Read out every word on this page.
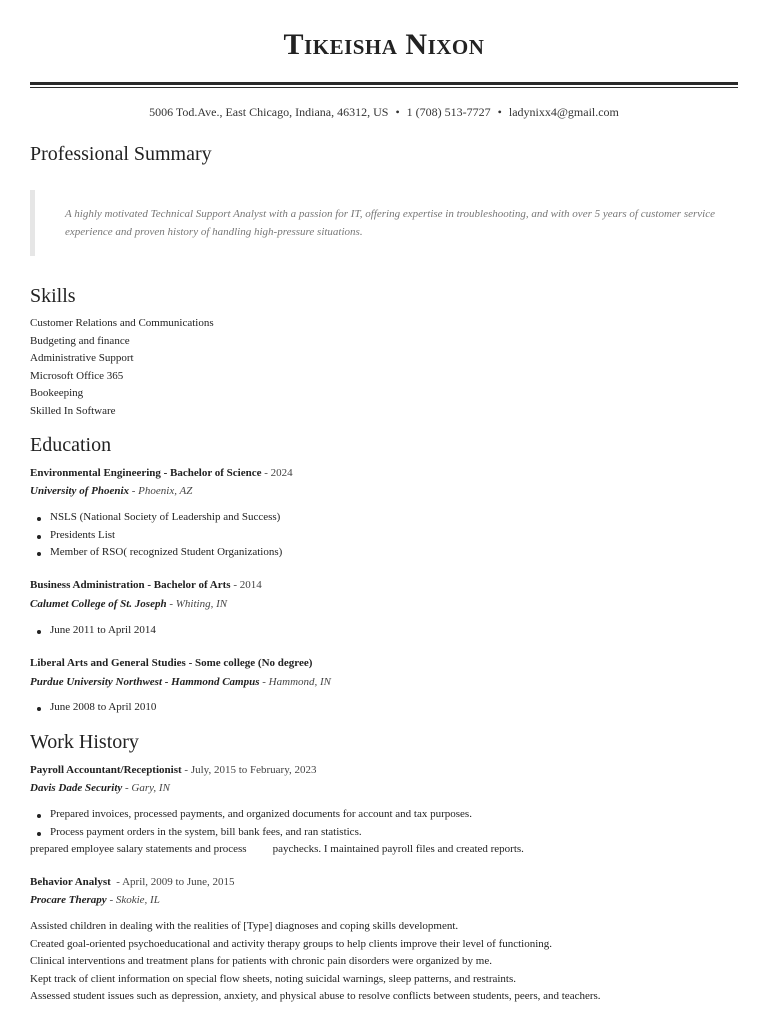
Tikeisha Nixon
5006 Tod.Ave., East Chicago, Indiana, 46312, US • 1 (708) 513-7727 • ladynixx4@gmail.com
Professional Summary

A highly motivated Technical Support Analyst with a passion for IT, offering expertise in troubleshooting, and with over 5 years of customer service experience and proven history of handling high-pressure situations.

Skills
Customer Relations and Communications
Budgeting and finance
Administrative Support
Microsoft Office 365
Bookeeping
Skilled In Software
Education
Environmental Engineering - Bachelor of Science - 2024
University of Phoenix - Phoenix, AZ
NSLS (National Society of Leadership and Success)
Presidents List
Member of RSO( recognized Student Organizations)
Business Administration - Bachelor of Arts - 2014
Calumet College of St. Joseph - Whiting, IN
June 2011 to April 2014
Liberal Arts and General Studies - Some college (No degree)
Purdue University Northwest - Hammond Campus - Hammond, IN
June 2008 to April 2010
Work History
Payroll Accountant/Receptionist - July, 2015 to February, 2023
Davis Dade Security - Gary, IN
Prepared invoices, processed payments, and organized documents for account and tax purposes.
Process payment orders in the system, bill bank fees, and ran statistics.
prepared employee salary statements and process paychecks. I maintained payroll files and created reports.
Behavior Analyst  - April, 2009 to June, 2015
Procare Therapy - Skokie, IL
Assisted children in dealing with the realities of [Type] diagnoses and coping skills development.
Created goal-oriented psychoeducational and activity therapy groups to help clients improve their level of functioning.
Clinical interventions and treatment plans for patients with chronic pain disorders were organized by me.
Kept track of client information on special flow sheets, noting suicidal warnings, sleep patterns, and restraints.
Assessed student issues such as depression, anxiety, and physical abuse to resolve conflicts between students, peers, and teachers.
